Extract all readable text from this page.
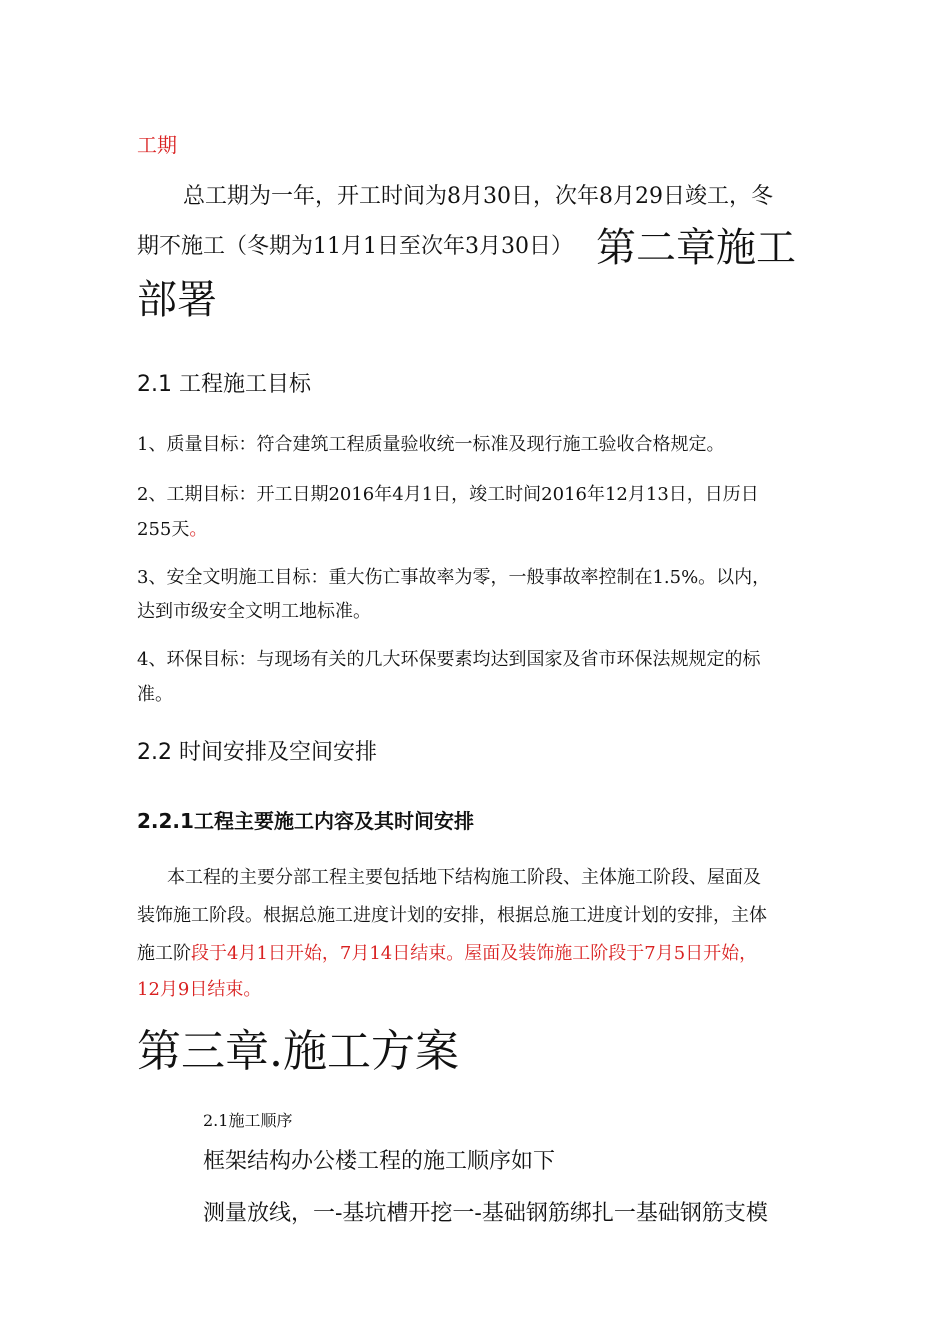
工期
总工期为一年，开工时间为8月30日，次年8月29日竣工，冬
期不施工（冬期为11月1日至次年3月30日） 第二章施工
部署
2.1 工程施工目标
1、质量目标：符合建筑工程质量验收统一标准及现行施工验收合格规定。
2、工期目标：开工日期2016年4月1日，竣工时间2016年12月13日，日历日
255天。
3、安全文明施工目标：重大伤亡事故率为零，一般事故率控制在1.5%。以内，
达到市级安全文明工地标准。
4、环保目标：与现场有关的几大环保要素均达到国家及省市环保法规规定的标
准。
2.2 时间安排及空间安排
2.2.1工程主要施工内容及其时间安排
本工程的主要分部工程主要包括地下结构施工阶段、主体施工阶段、屋面及
装饰施工阶段。根据总施工进度计划的安排，根据总施工进度计划的安排，主体
施工阶段于4月1日开始，7月14日结束。屋面及装饰施工阶段于7月5日开始，
12月9日结束。
第三章.施工方案
2.1施工顺序
框架结构办公楼工程的施工顺序如下
测量放线，一-基坑槽开挖一-基础钢筋绑扎一基础钢筋支模
